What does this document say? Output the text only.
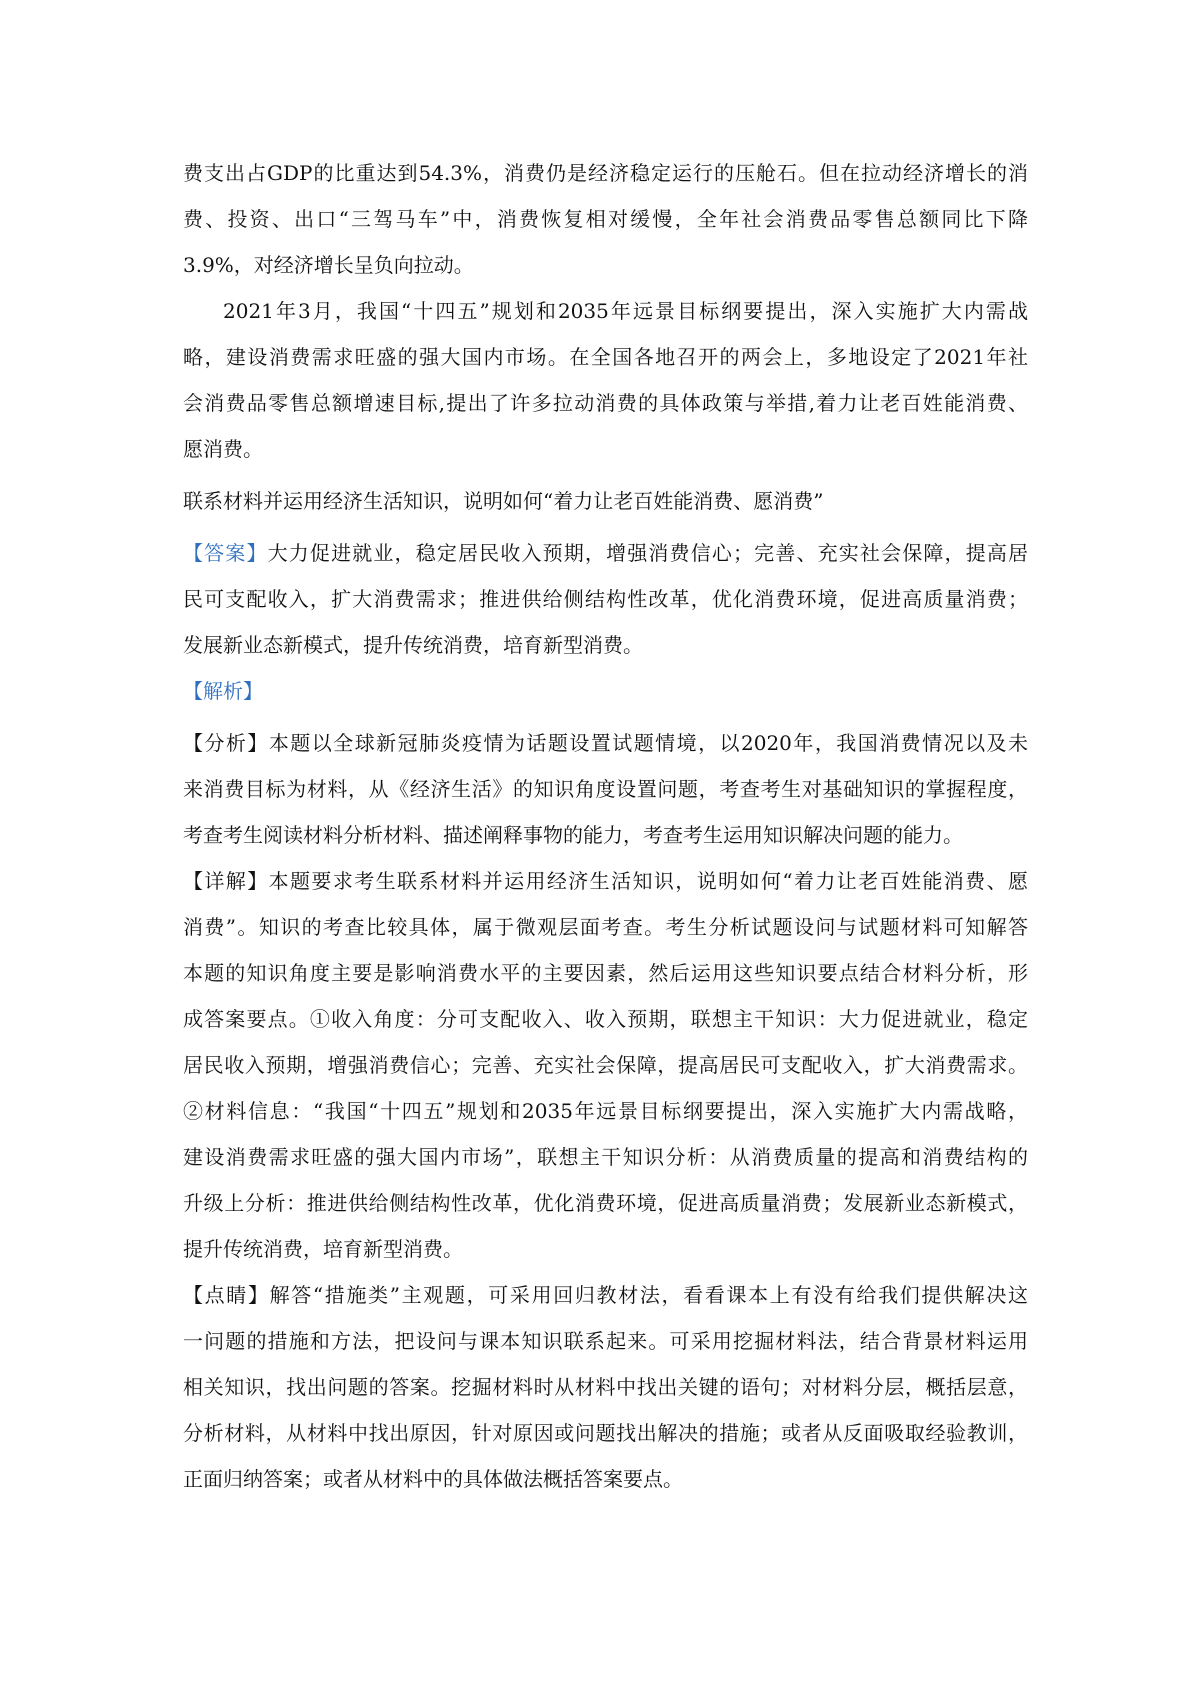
费支出占GDP的比重达到54.3%，消费仍是经济稳定运行的压舱石。但在拉动经济增长的消
费、投资、出口“三驾马车”中，消费恢复相对缓慢，全年社会消费品零售总额同比下降
3.9%，对经济增长呈负向拉动。
2021年3月，我国“十四五”规划和2035年远景目标纲要提出，深入实施扩大内需战
略，建设消费需求旺盛的强大国内市场。在全国各地召开的两会上，多地设定了2021年社
会消费品零售总额增速目标,提出了许多拉动消费的具体政策与举措,着力让老百姓能消费、
愿消费。
联系材料并运用经济生活知识，说明如何“着力让老百姓能消费、愿消费”
【答案】大力促进就业，稳定居民收入预期，增强消费信心；完善、充实社会保障，提高居
民可支配收入，扩大消费需求；推进供给侧结构性改革，优化消费环境，促进高质量消费；
发展新业态新模式，提升传统消费，培育新型消费。
【解析】
【分析】本题以全球新冠肺炎疫情为话题设置试题情境，以2020年，我国消费情况以及未
来消费目标为材料，从《经济生活》的知识角度设置问题，考查考生对基础知识的掌握程度，
考查考生阅读材料分析材料、描述阐释事物的能力，考查考生运用知识解决问题的能力。
【详解】本题要求考生联系材料并运用经济生活知识，说明如何“着力让老百姓能消费、愿
消费”。知识的考查比较具体，属于微观层面考查。考生分析试题设问与试题材料可知解答
本题的知识角度主要是影响消费水平的主要因素，然后运用这些知识要点结合材料分析，形
成答案要点。①收入角度：分可支配收入、收入预期，联想主干知识：大力促进就业，稳定
居民收入预期，增强消费信心；完善、充实社会保障，提高居民可支配收入，扩大消费需求。
②材料信息：“我国“十四五”规划和2035年远景目标纲要提出，深入实施扩大内需战略，
建设消费需求旺盛的强大国内市场”，联想主干知识分析：从消费质量的提高和消费结构的
升级上分析：推进供给侧结构性改革，优化消费环境，促进高质量消费；发展新业态新模式，
提升传统消费，培育新型消费。
【点睛】解答“措施类”主观题，可采用回归教材法，看看课本上有没有给我们提供解决这
一问题的措施和方法，把设问与课本知识联系起来。可采用挖掘材料法，结合背景材料运用
相关知识，找出问题的答案。挖掘材料时从材料中找出关键的语句；对材料分层，概括层意，
分析材料，从材料中找出原因，针对原因或问题找出解决的措施；或者从反面吸取经验教训，
正面归纳答案；或者从材料中的具体做法概括答案要点。
